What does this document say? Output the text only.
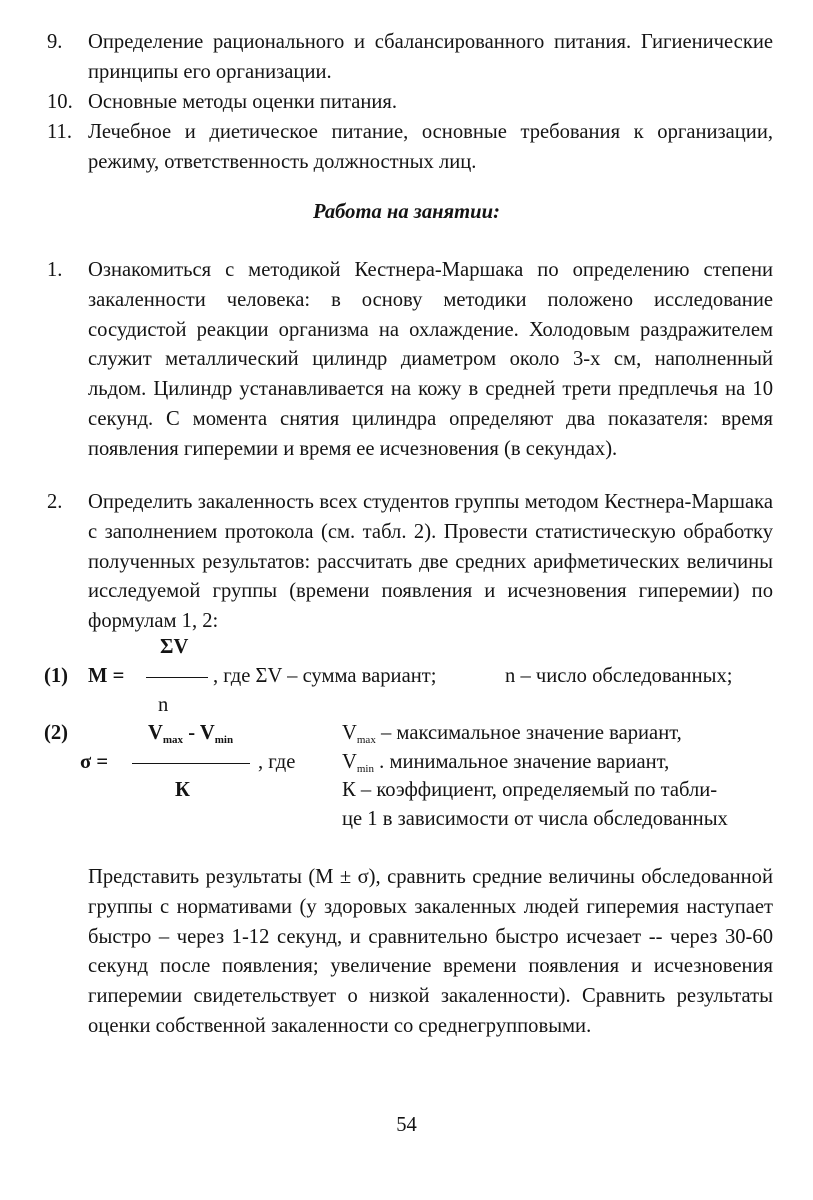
9. Определение рационального и сбалансированного питания. Гигиенические принципы его организации.
10. Основные методы оценки питания.
11. Лечебное и диетическое питание, основные требования к организации, режиму, ответственность должностных лиц.
Работа на занятии:
1. Ознакомиться с методикой Кестнера-Маршака по определению степени закаленности человека: в основу методики положено исследование сосудистой реакции организма на охлаждение. Холодовым раздражителем служит металлический цилиндр диаметром около 3-х см, наполненный льдом. Цилиндр устанавливается на кожу в средней трети предплечья на 10 секунд. С момента снятия цилиндра определяют два показателя: время появления гиперемии и время ее исчезновения (в секундах).
2. Определить закаленность всех студентов группы методом Кестнера-Маршака с заполнением протокола (см. табл. 2). Провести статистическую обработку полученных результатов: рассчитать две средних арифметических величины исследуемой группы (времени появления и исчезновения гиперемии) по формулам 1, 2:
ΣV
(1) M =	, где ΣV – сумма вариант;	n – число обследованных;
n
(2)	$V_{max} - V_{min}$	$V_{max}$ – максимальное значение вариант,
σ =	, где $V_{min}$ . минимальное значение вариант,
К	К – коэффициент, определяемый по табли-
це 1 в зависимости от числа обследованных
Представить результаты (M ± σ), сравнить средние величины обследованной группы с нормативами (у здоровых закаленных людей гиперемия наступает быстро – через 1-12 секунд, и сравнительно быстро исчезает -- через 30-60 секунд после появления; увеличение времени появления и исчезновения гиперемии свидетельствует о низкой закаленности). Сравнить результаты оценки собственной закаленности со среднегрупповыми.
54
